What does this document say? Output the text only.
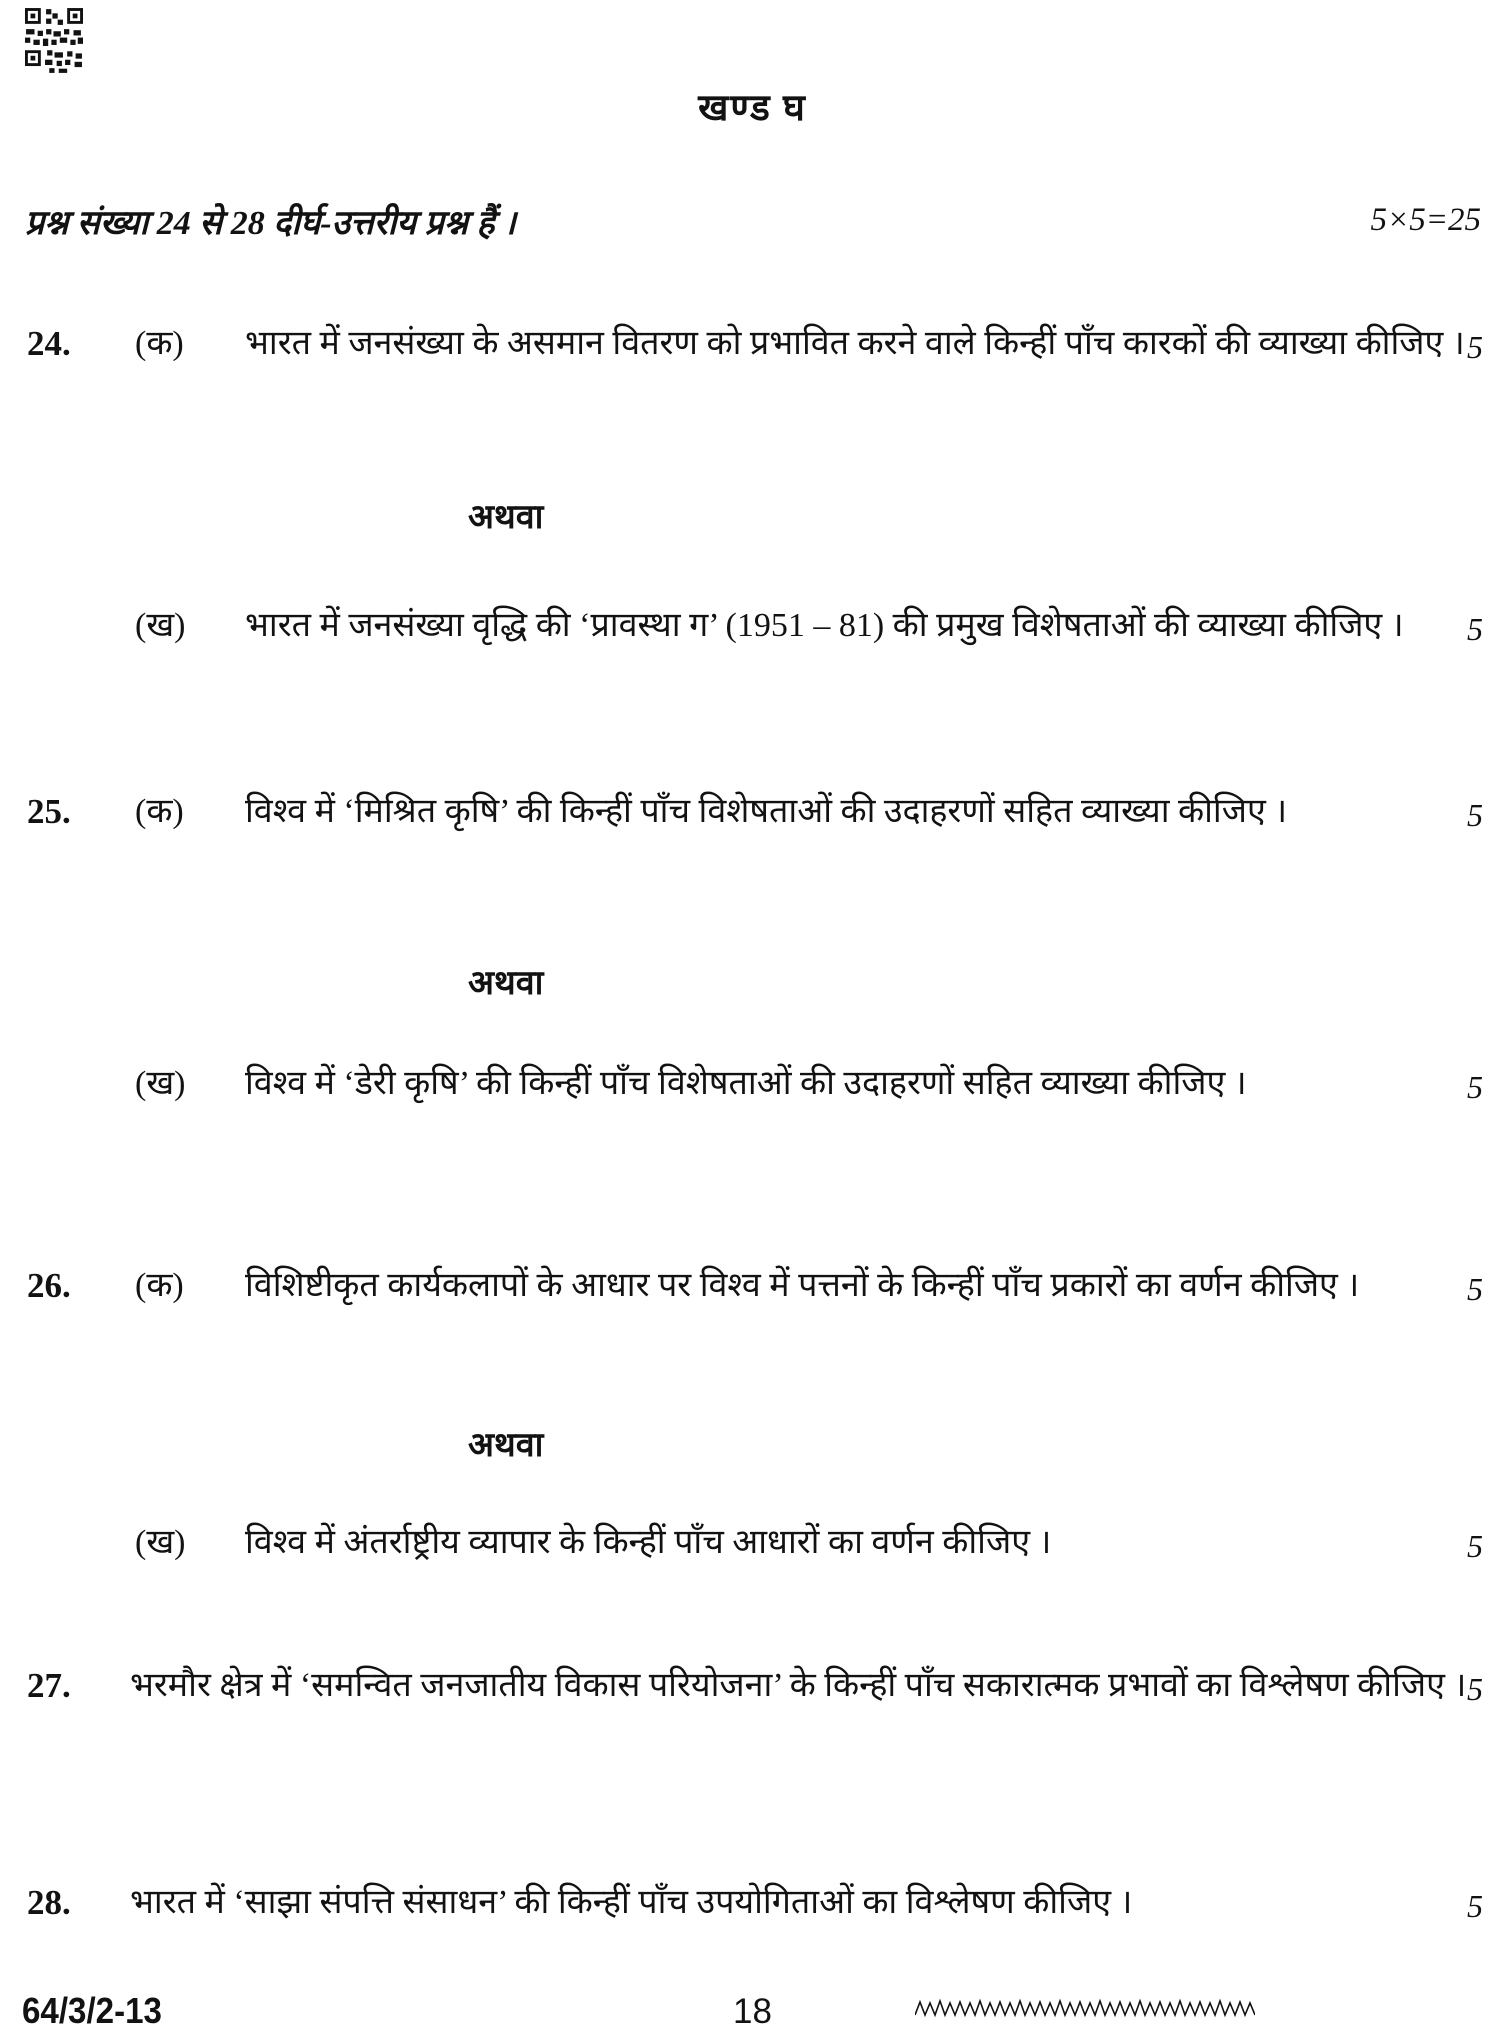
खण्ड घ
प्रश्न संख्या 24 से 28 दीर्घ-उत्तरीय प्रश्न हैं ।	5×5=25
24. (क) भारत में जनसंख्या के असमान वितरण को प्रभावित करने वाले किन्हीं पाँच कारकों की व्याख्या कीजिए । 5
अथवा
(ख) भारत में जनसंख्या वृद्धि की ‘प्रावस्था ग’ (1951 – 81) की प्रमुख विशेषताओं की व्याख्या कीजिए ।	5
25. (क) विश्व में ‘मिश्रित कृषि’ की किन्हीं पाँच विशेषताओं की उदाहरणों सहित व्याख्या कीजिए ।	5
अथवा
(ख) विश्व में ‘डेरी कृषि’ की किन्हीं पाँच विशेषताओं की उदाहरणों सहित व्याख्या कीजिए ।	5
26. (क) विशिष्टीकृत कार्यकलापों के आधार पर विश्व में पत्तनों के किन्हीं पाँच प्रकारों का वर्णन कीजिए ।	5
अथवा
(ख) विश्व में अंतर्राष्ट्रीय व्यापार के किन्हीं पाँच आधारों का वर्णन कीजिए ।	5
27. भरमौर क्षेत्र में ‘समन्वित जनजातीय विकास परियोजना’ के किन्हीं पाँच सकारात्मक प्रभावों का विश्लेषण कीजिए । 5
28. भारत में ‘साझा संपत्ति संसाधन’ की किन्हीं पाँच उपयोगिताओं का विश्लेषण कीजिए ।	5
64/3/2-13	18
